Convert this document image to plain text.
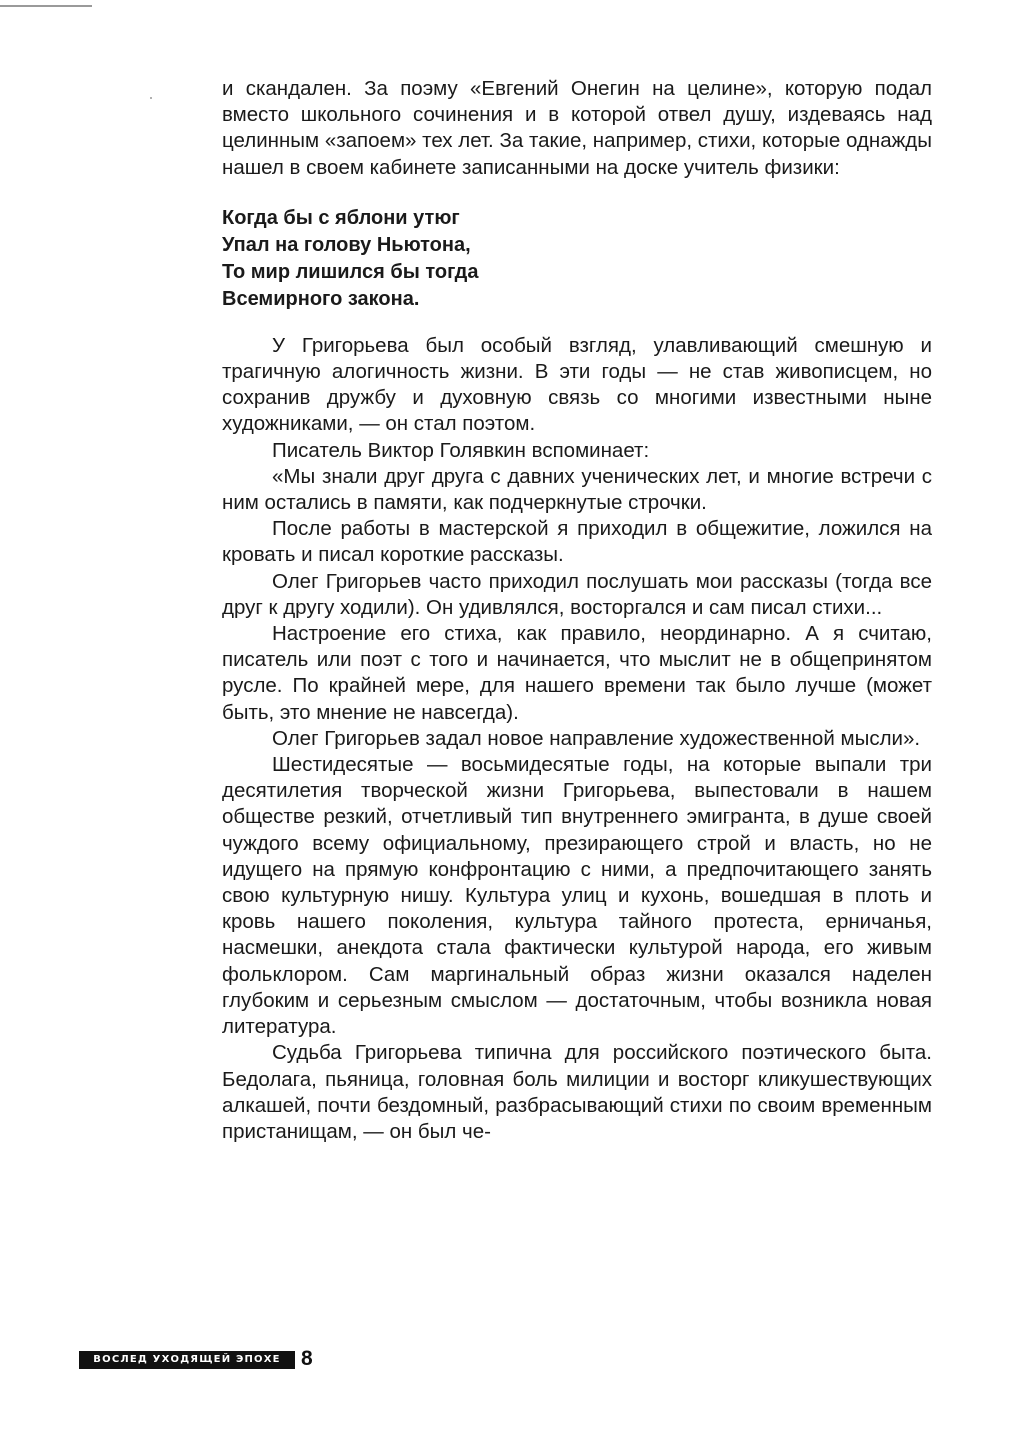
и скандален. За поэму «Евгений Онегин на целине», которую подал вместо школьного сочинения и в которой отвел душу, издеваясь над целинным «запоем» тех лет. За такие, например, стихи, которые однажды нашел в своем кабинете записанными на доске учитель физики:

Когда бы с яблони утюг
Упал на голову Ньютона,
То мир лишился бы тогда
Всемирного закона.

У Григорьева был особый взгляд, улавливающий смешную и трагичную алогичность жизни. В эти годы — не став живописцем, но сохранив дружбу и духовную связь со многими известными ныне художниками, — он стал поэтом.

Писатель Виктор Голявкин вспоминает:

«Мы знали друг друга с давних ученических лет, и многие встречи с ним остались в памяти, как подчеркнутые строчки.

После работы в мастерской я приходил в общежитие, ложился на кровать и писал короткие рассказы.

Олег Григорьев часто приходил послушать мои рассказы (тогда все друг к другу ходили). Он удивлялся, восторгался и сам писал стихи...

Настроение его стиха, как правило, неординарно. А я считаю, писатель или поэт с того и начинается, что мыслит не в общепринятом русле. По крайней мере, для нашего времени так было лучше (может быть, это мнение не навсегда).

Олег Григорьев задал новое направление художественной мысли».

Шестидесятые — восьмидесятые годы, на которые выпали три десятилетия творческой жизни Григорьева, выпестовали в нашем обществе резкий, отчетливый тип внутреннего эмигранта, в душе своей чуждого всему официальному, презирающего строй и власть, но не идущего на прямую конфронтацию с ними, а предпочитающего занять свою культурную нишу. Культура улиц и кухонь, вошедшая в плоть и кровь нашего поколения, культура тайного протеста, ерничанья, насмешки, анекдота стала фактически культурой народа, его живым фольклором. Сам маргинальный образ жизни оказался наделен глубоким и серьезным смыслом — достаточным, чтобы возникла новая литература.

Судьба Григорьева типична для российского поэтического быта. Бедолага, пьяница, головная боль милиции и восторг кликушествующих алкашей, почти бездомный, разбрасывающий стихи по своим временным пристанищам, — он был че-

ВОСЛЕД УХОДЯЩЕЙ ЭПОХЕ 8
